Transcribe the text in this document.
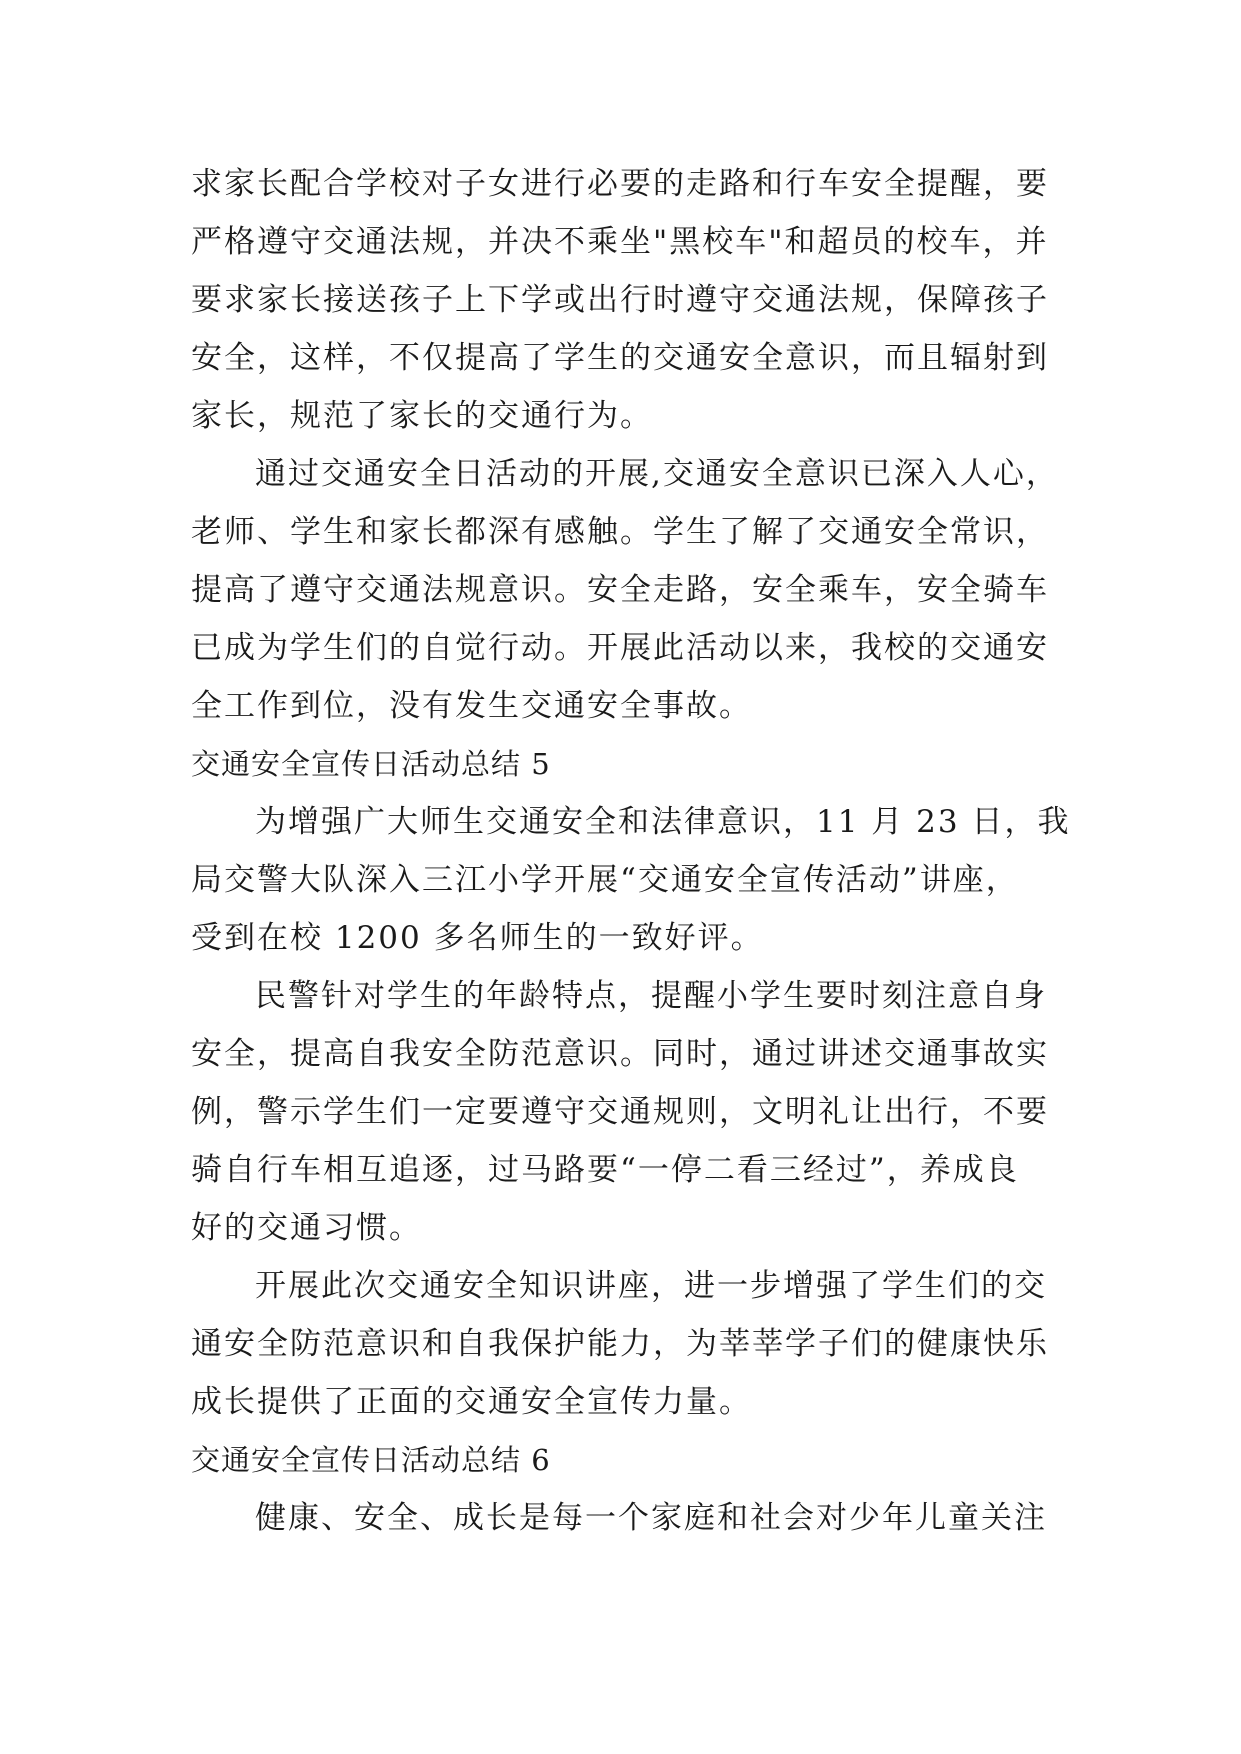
求家长配合学校对子女进行必要的走路和行车安全提醒，要
严格遵守交通法规，并决不乘坐"黑校车"和超员的校车，并
要求家长接送孩子上下学或出行时遵守交通法规，保障孩子
安全，这样，不仅提高了学生的交通安全意识，而且辐射到
家长，规范了家长的交通行为。
通过交通安全日活动的开展,交通安全意识已深入人心，
老师、学生和家长都深有感触。学生了解了交通安全常识，
提高了遵守交通法规意识。安全走路，安全乘车，安全骑车
已成为学生们的自觉行动。开展此活动以来，我校的交通安
全工作到位，没有发生交通安全事故。
交通安全宣传日活动总结 5
为增强广大师生交通安全和法律意识，11 月 23 日，我
局交警大队深入三江小学开展“交通安全宣传活动”讲座，
受到在校 1200 多名师生的一致好评。
民警针对学生的年龄特点，提醒小学生要时刻注意自身
安全，提高自我安全防范意识。同时，通过讲述交通事故实
例，警示学生们一定要遵守交通规则，文明礼让出行，不要
骑自行车相互追逐，过马路要“一停二看三经过”，养成良
好的交通习惯。
开展此次交通安全知识讲座，进一步增强了学生们的交
通安全防范意识和自我保护能力，为莘莘学子们的健康快乐
成长提供了正面的交通安全宣传力量。
交通安全宣传日活动总结 6
健康、安全、成长是每一个家庭和社会对少年儿童关注
